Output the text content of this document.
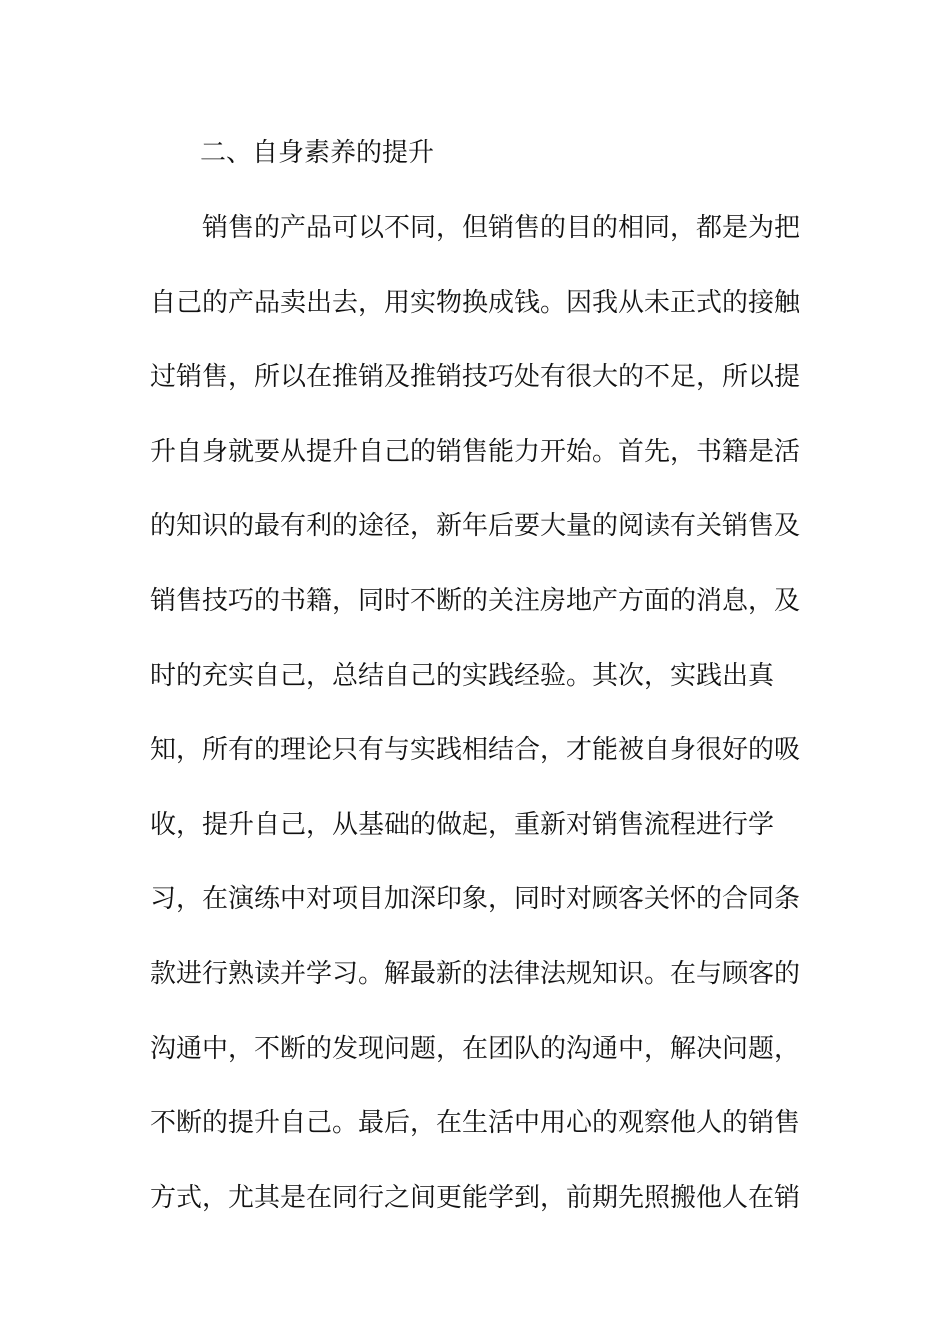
二、自身素养的提升
销售的产品可以不同，但销售的目的相同，都是为把
自己的产品卖出去，用实物换成钱。因我从未正式的接触
过销售，所以在推销及推销技巧处有很大的不足，所以提
升自身就要从提升自己的销售能力开始。首先，书籍是活
的知识的最有利的途径，新年后要大量的阅读有关销售及
销售技巧的书籍，同时不断的关注房地产方面的消息，及
时的充实自己，总结自己的实践经验。其次，实践出真
知，所有的理论只有与实践相结合，才能被自身很好的吸
收，提升自己，从基础的做起，重新对销售流程进行学
习，在演练中对项目加深印象，同时对顾客关怀的合同条
款进行熟读并学习。解最新的法律法规知识。在与顾客的
沟通中，不断的发现问题，在团队的沟通中，解决问题，
不断的提升自己。最后，在生活中用心的观察他人的销售
方式，尤其是在同行之间更能学到，前期先照搬他人在销
